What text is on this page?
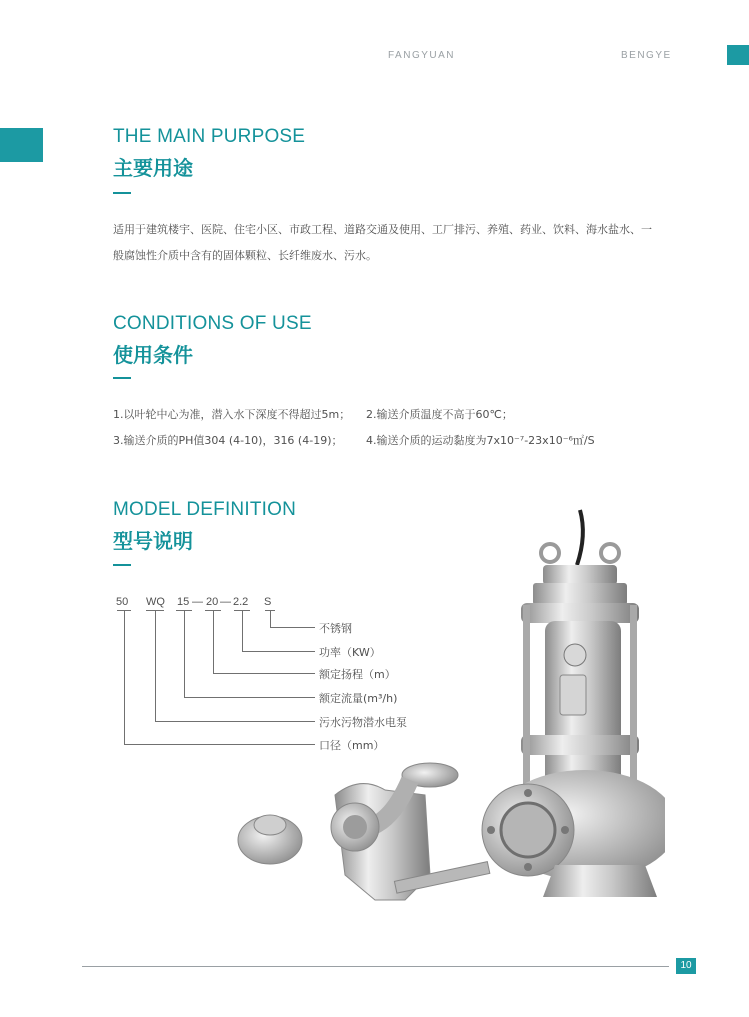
FANGYUAN	BENGYE
THE MAIN PURPOSE
主要用途
适用于建筑楼宇、医院、住宅小区、市政工程、道路交通及使用、工厂排污、养殖、药业、饮料、海水盐水、一
般腐蚀性介质中含有的固体颗粒、长纤维废水、污水。
CONDITIONS OF USE
使用条件
1.以叶轮中心为准，潜入水下深度不得超过5m； 2.输送介质温度不高于60℃；
3.输送介质的PH值304 (4-10)，316 (4-19)； 4.输送介质的运动黏度为7x10⁻⁷-23x10⁻⁶㎡/S
MODEL DEFINITION
型号说明
50 WQ 15 — 20 — 2.2 S
不锈钢
功率（KW）
额定扬程（m）
额定流量(m³/h)
污水污物潜水电泵
口径（mm）
10
